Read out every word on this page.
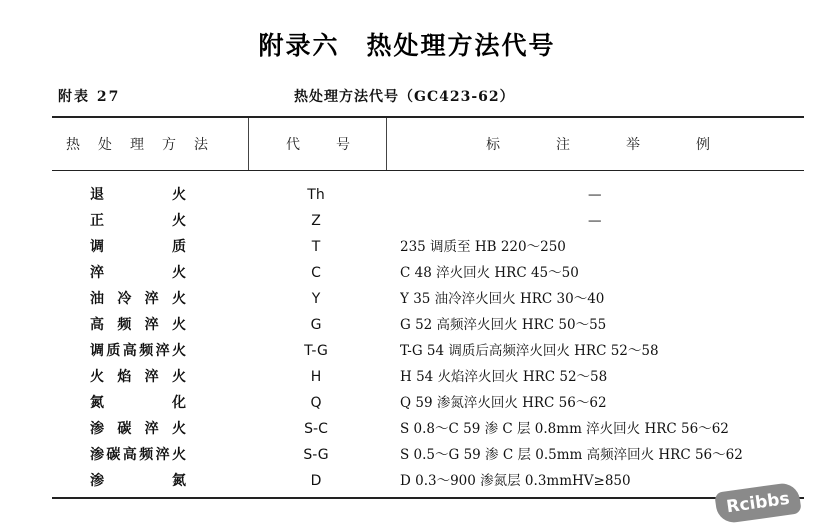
附录六　热处理方法代号
附表 27	热处理方法代号（GC423-62）
热处理方法	代号	标注举例
退火	Th	—
正火	Z	—
调质	T	235 调质至 HB 220～250
淬火	C	C 48 淬火回火 HRC 45～50
油冷淬火	Y	Y 35 油冷淬火回火 HRC 30～40
高频淬火	G	G 52 高频淬火回火 HRC 50～55
调质高频淬火	T-G	T-G 54 调质后高频淬火回火 HRC 52～58
火焰淬火	H	H 54 火焰淬火回火 HRC 52～58
氮化	Q	Q 59 渗氮淬火回火 HRC 56～62
渗碳淬火	S-C	S 0.8～C 59 渗 C 层 0.8mm 淬火回火 HRC 56～62
渗碳高频淬火	S-G	S 0.5～G 59 渗 C 层 0.5mm 高频淬回火 HRC 56～62
渗氮	D	D 0.3～900 渗氮层 0.3mmHV≥850
Rcibbs
